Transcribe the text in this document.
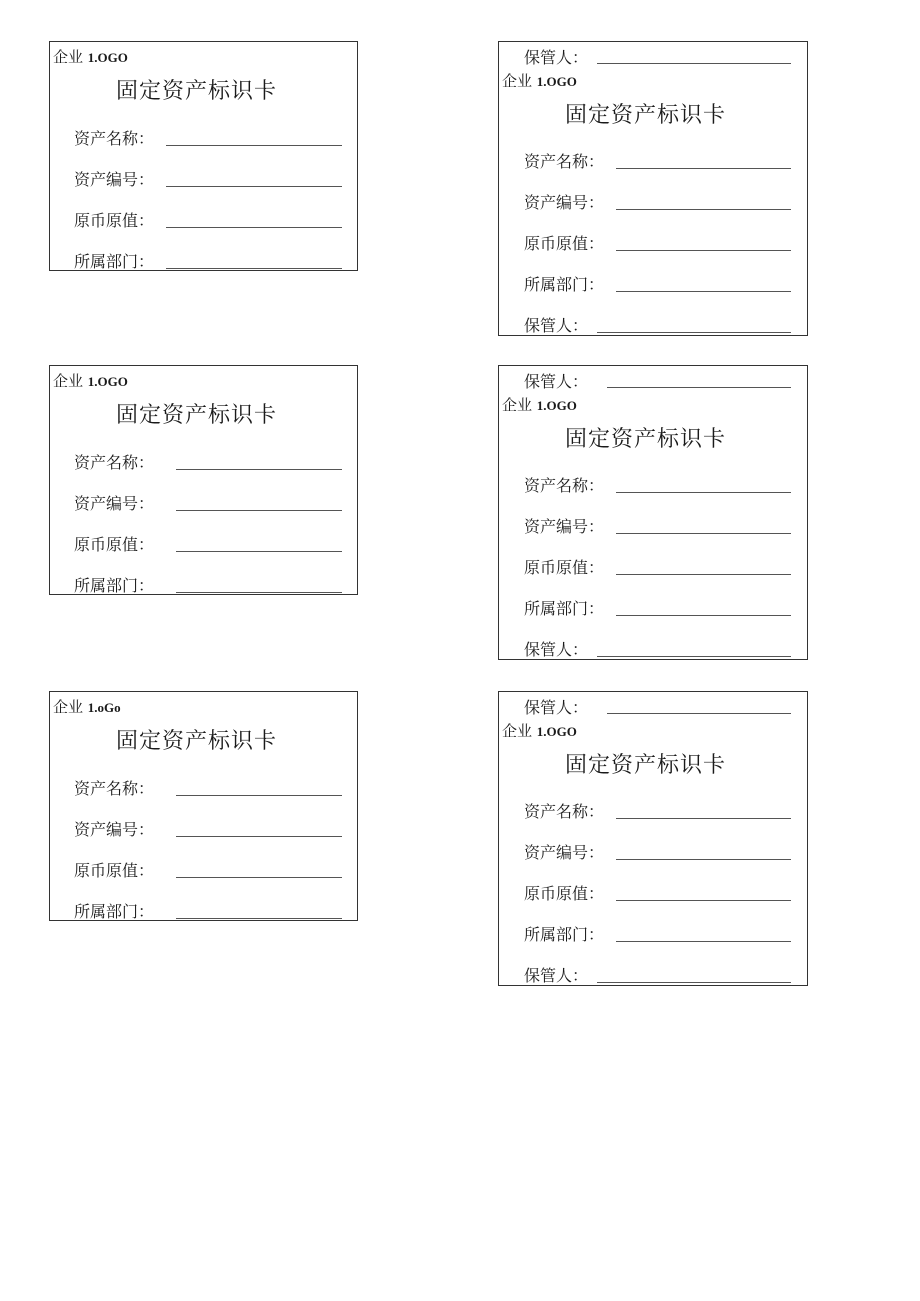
企业 1.OGO
固定资产标识卡
资产名称：
资产编号：
原币原值：
所属部门：
保管人：
企业 1.OGO
固定资产标识卡
资产名称：
资产编号：
原币原值：
所属部门：
保管人：
企业 1.OGO
固定资产标识卡
资产名称：
资产编号：
原币原值：
所属部门：
保管人：
企业 1.OGO
固定资产标识卡
资产名称：
资产编号：
原币原值：
所属部门：
保管人：
企业 1.oGo
固定资产标识卡
资产名称：
资产编号：
原币原值：
所属部门：
保管人：
企业 1.OGO
固定资产标识卡
资产名称：
资产编号：
原币原值：
所属部门：
保管人：
